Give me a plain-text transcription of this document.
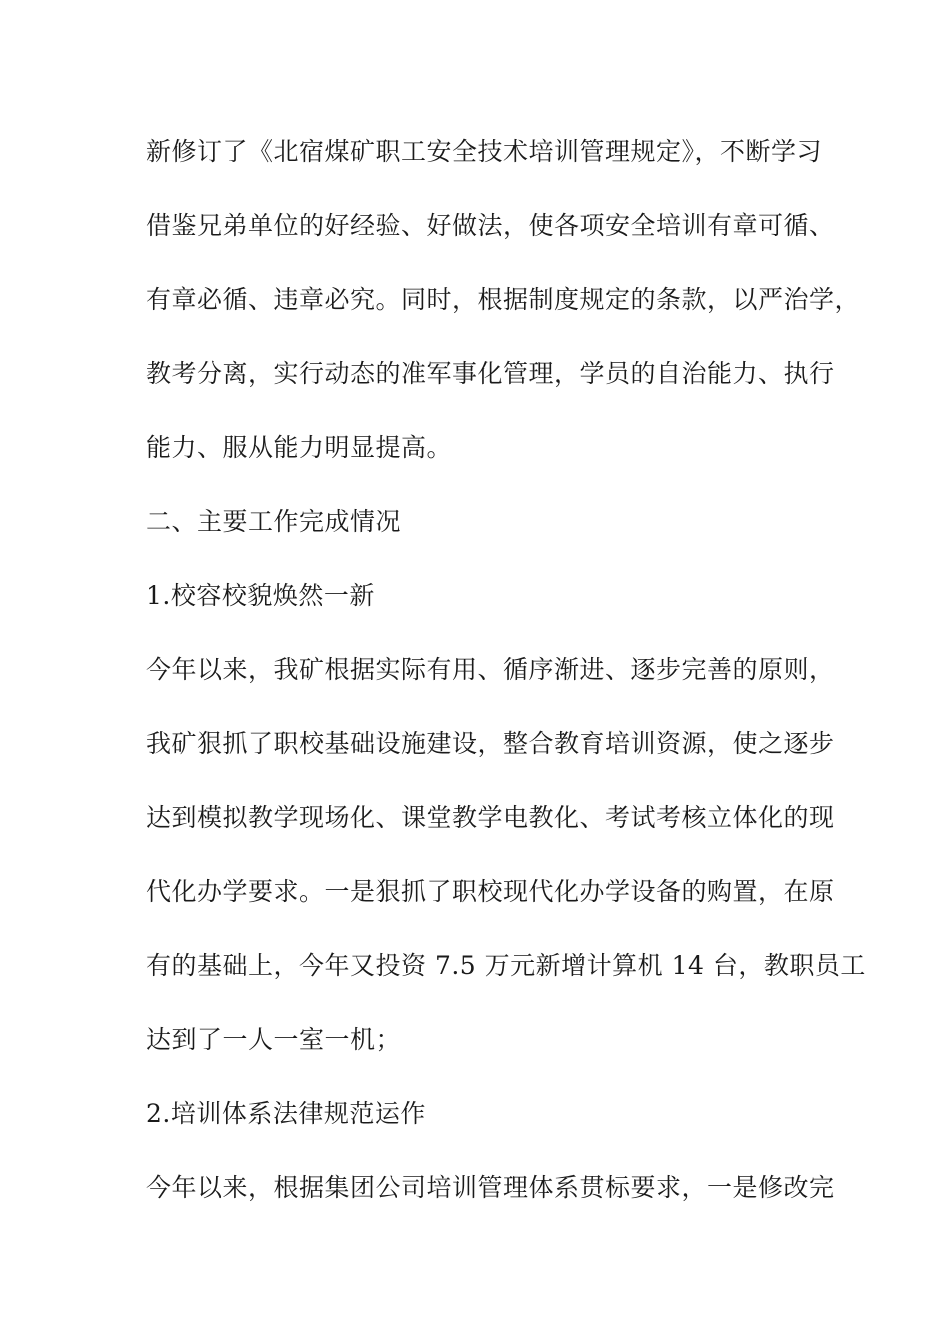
新修订了《北宿煤矿职工安全技术培训管理规定》，不断学习
借鉴兄弟单位的好经验、好做法，使各项安全培训有章可循、
有章必循、违章必究。同时，根据制度规定的条款，以严治学，
教考分离，实行动态的准军事化管理，学员的自治能力、执行
能力、服从能力明显提高。
二、主要工作完成情况
1.校容校貌焕然一新
今年以来，我矿根据实际有用、循序渐进、逐步完善的原则，
我矿狠抓了职校基础设施建设，整合教育培训资源，使之逐步
达到模拟教学现场化、课堂教学电教化、考试考核立体化的现
代化办学要求。一是狠抓了职校现代化办学设备的购置，在原
有的基础上，今年又投资 7.5 万元新增计算机 14 台，教职员工
达到了一人一室一机；
2.培训体系法律规范运作
今年以来，根据集团公司培训管理体系贯标要求，一是修改完
